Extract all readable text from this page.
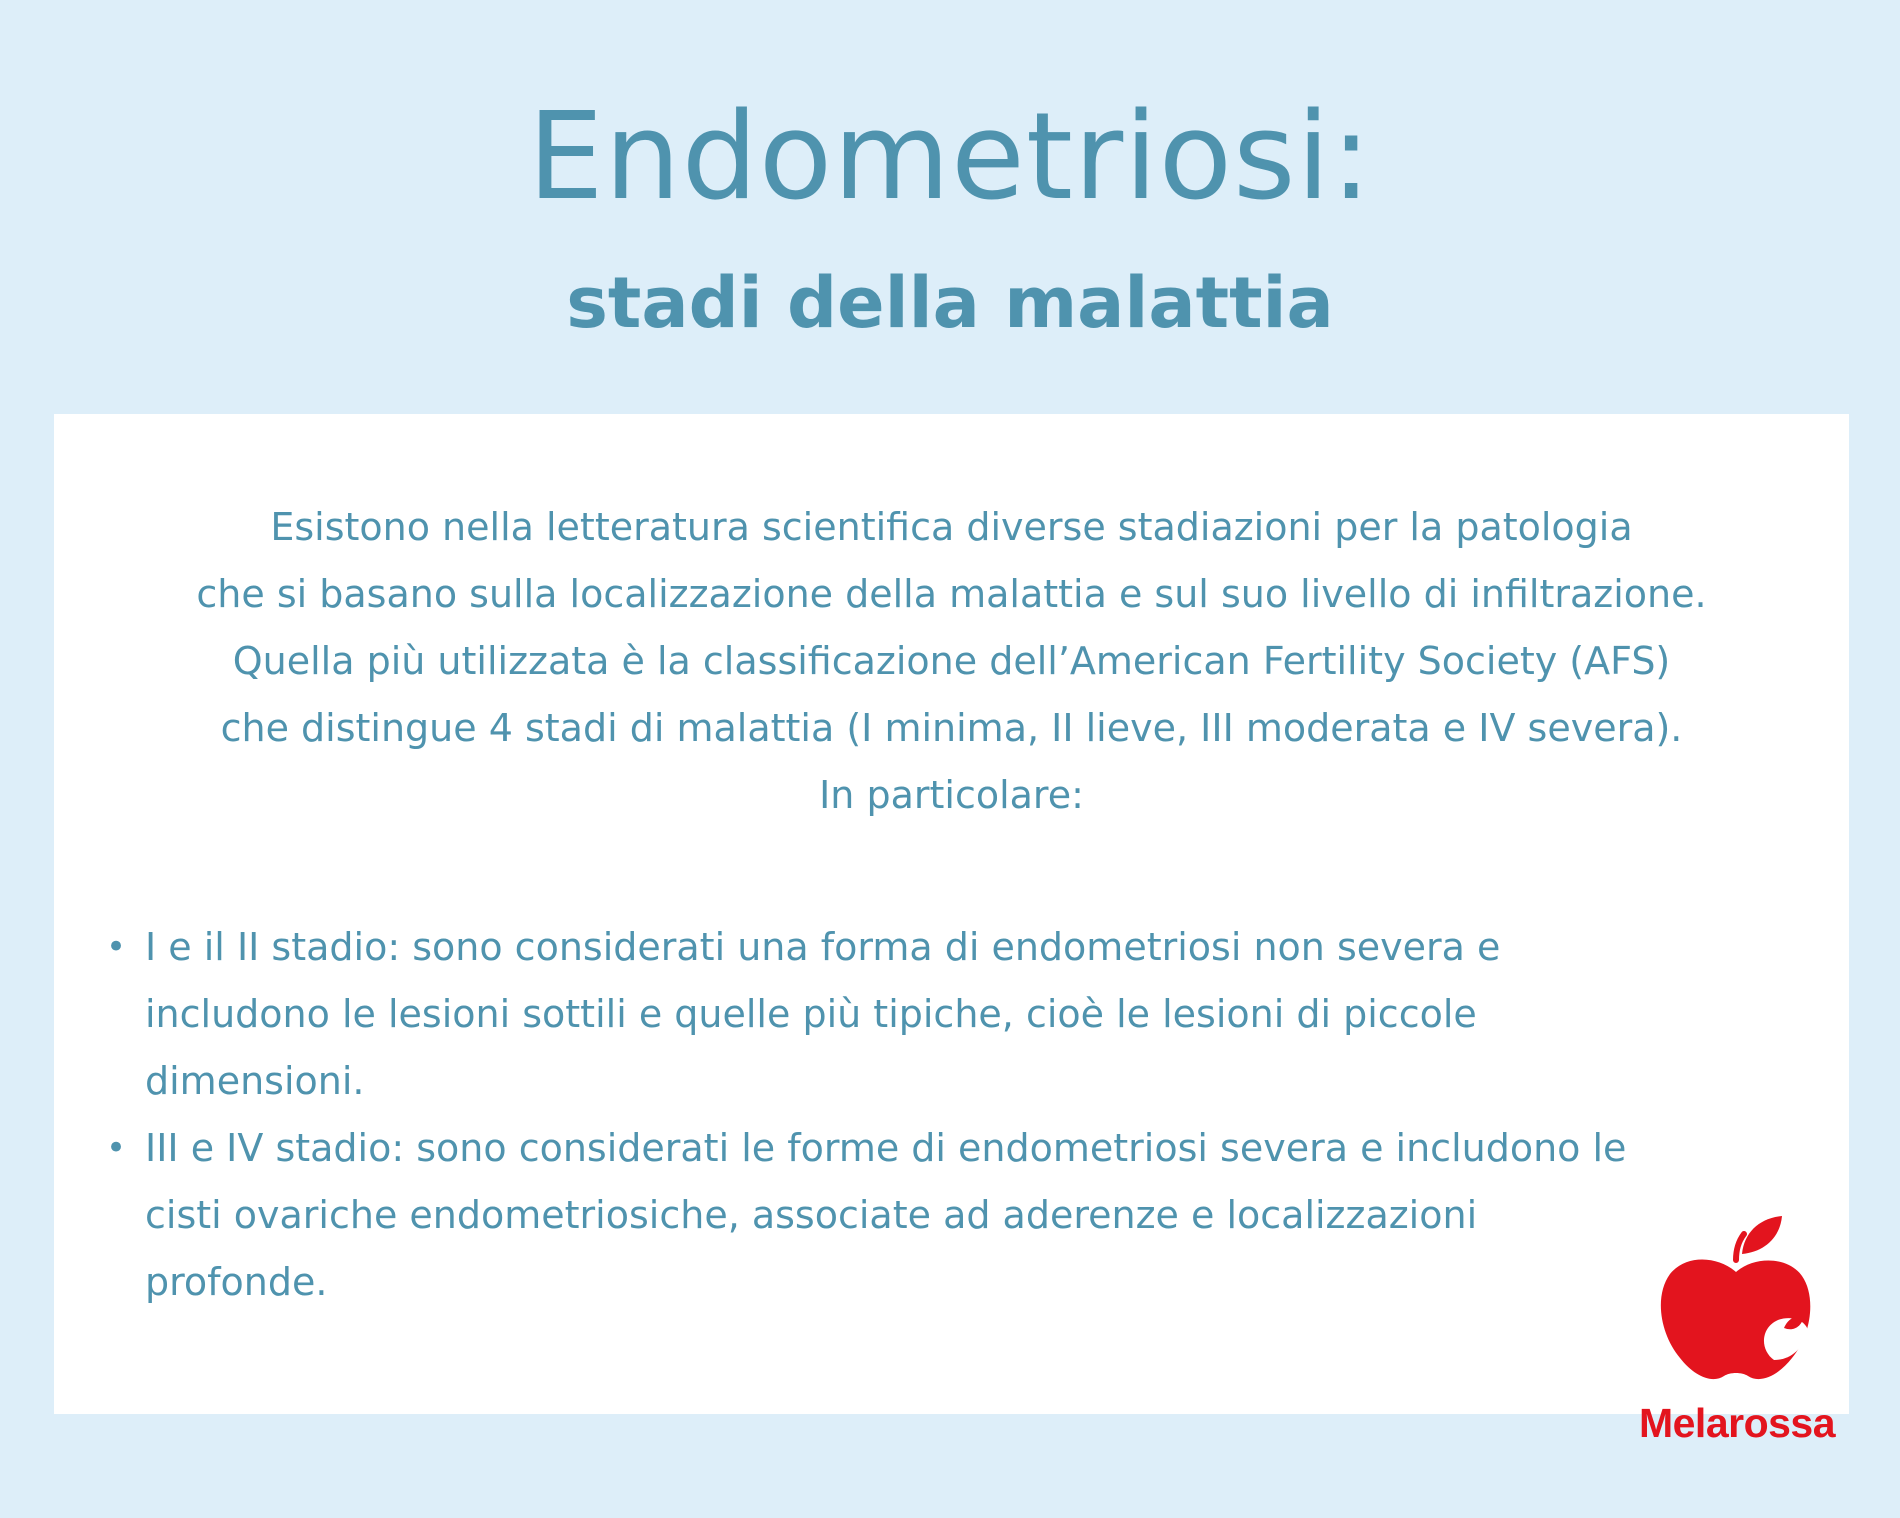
Endometriosi:
stadi della malattia

Esistono nella letteratura scientifica diverse stadiazioni per la patologia
che si basano sulla localizzazione della malattia e sul suo livello di infiltrazione.
Quella più utilizzata è la classificazione dell’American Fertility Society (AFS)
che distingue 4 stadi di malattia (I minima, II lieve, III moderata e IV severa).
In particolare:

• I e il II stadio: sono considerati una forma di endometriosi non severa e includono le lesioni sottili e quelle più tipiche, cioè le lesioni di piccole dimensioni.
• III e IV stadio: sono considerati le forme di endometriosi severa e includono le cisti ovariche endometriosiche, associate ad aderenze e localizzazioni profonde.
Melarossa
